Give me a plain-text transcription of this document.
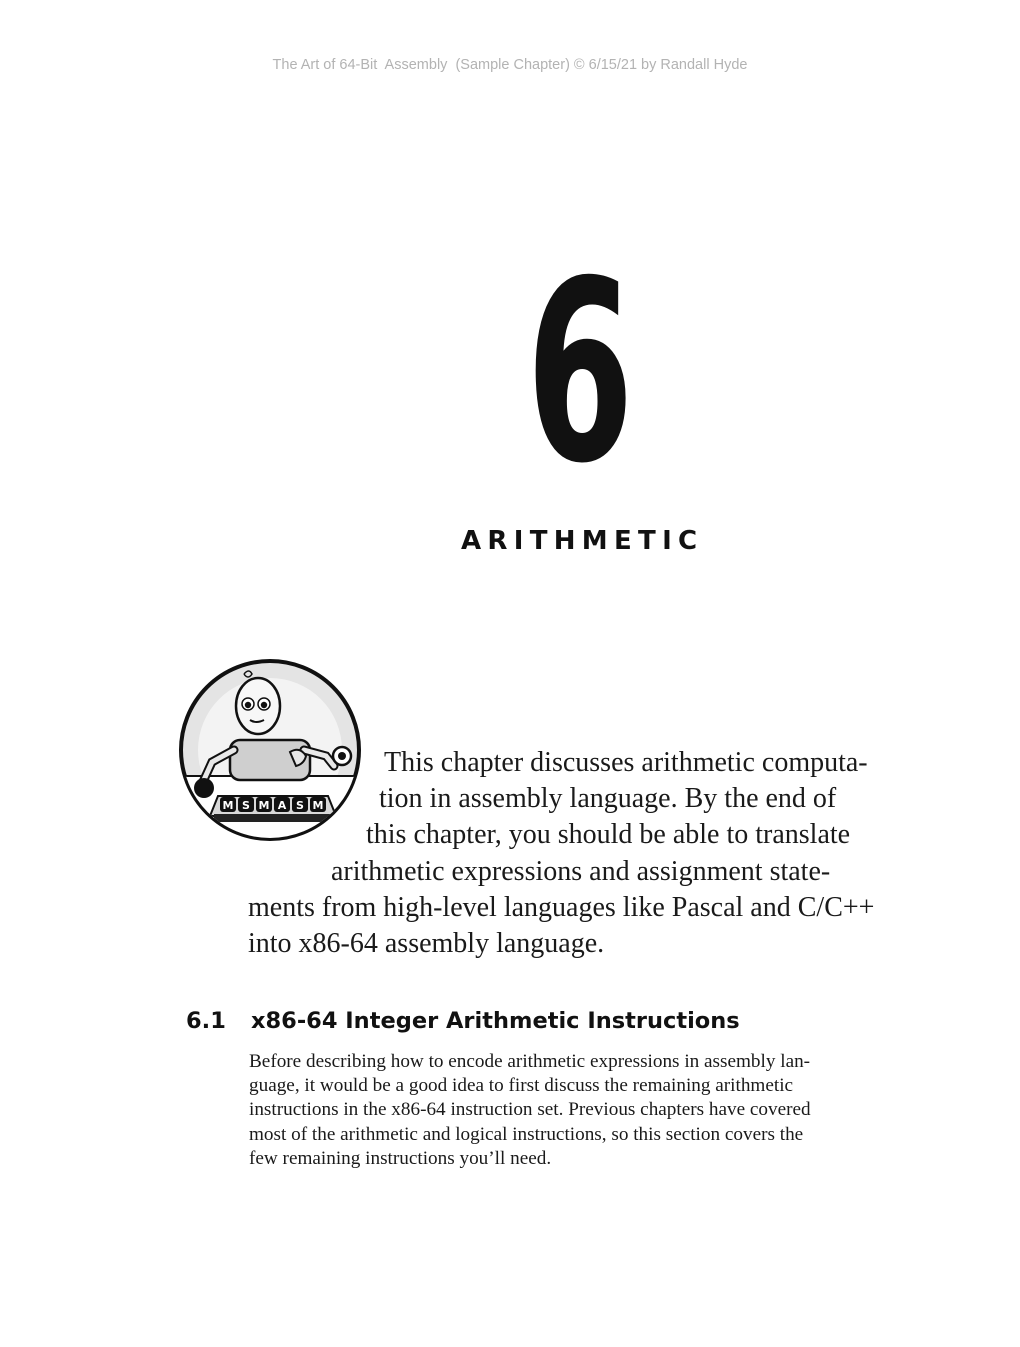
The Art of 64-Bit  Assembly  (Sample Chapter) © 6/15/21 by Randall Hyde
6
ARITHMETIC
M S M A S M
This chapter discusses arithmetic computa-
tion in assembly language. By the end of
this chapter, you should be able to translate
arithmetic expressions and assignment state-
ments from high-level languages like Pascal and C/C++
into x86-64 assembly language.
6.1 x86-64 Integer Arithmetic Instructions
Before describing how to encode arithmetic expressions in assembly lan-
guage, it would be a good idea to first discuss the remaining arithmetic
instructions in the x86-64 instruction set. Previous chapters have covered
most of the arithmetic and logical instructions, so this section covers the
few remaining instructions you’ll need.
